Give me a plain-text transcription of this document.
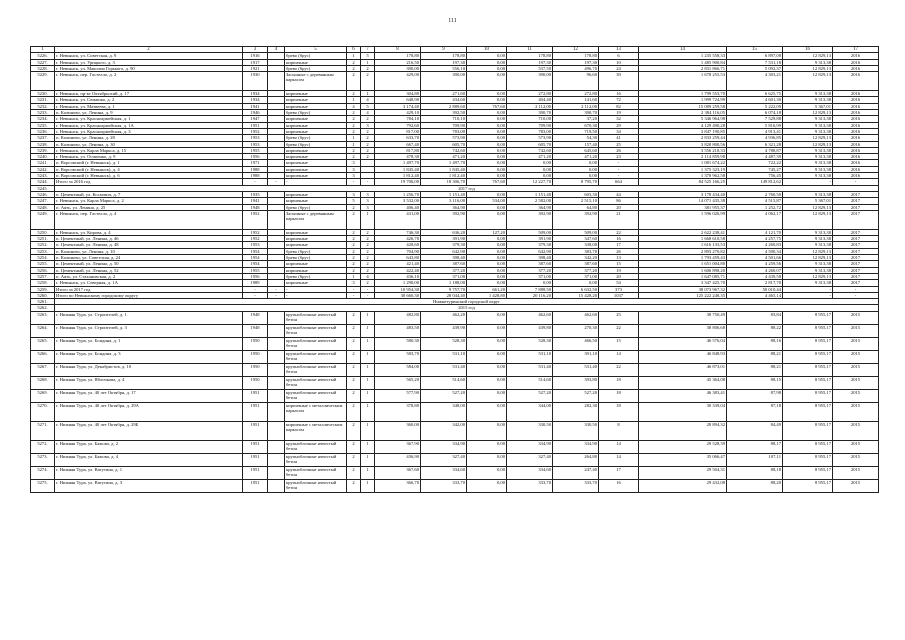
111
1	2	3	4	5	6	7	8	9	10	11	12	13	14	15	16	17
5226.	г. Невьянск, ул. Советская, д. 9	1916		брево (брус)	1	5	178,80	178,80	0,00	178,80	178,80	6	1 235 558,33	6 897,08	12 829,13	2016
5227.	г. Невьянск, ул. Урицкого, д. 3	1917		кирпичные	2	1	216,50	197,30	0,00	197,30	197,30	10	1 485 900,84	7 531,18	9 313,38	2016
5228.	г. Невьянск, ул. Максима Горького, д. 90	1921		брево (брус)	2	2	390,00	556,10	0,00	537,50	496,70	24	2 831 866,71	5 092,37	12 829,13	2016
5229.	г. Невьянск, пер. Гастелло, д. 2	1930		Засыпные с деревянным каркасом	2	2	429,00	390,00	0,00	390,00	96,60	39	1 678 255,53	4 303,21	12 829,13	2016
5230.	г. Невьянск, пр-кт Октябрьский, д. 17	1934		кирпичные	2	1	304,80	271,60	0,00	272,80	272,80	16	1 799 553,70	6 625,75	9 313,38	2016
5231.	г. Невьянск, ул. Семашко, д. 2	1934		кирпичные	1	4	648,90	434,60	0,00	404,40	141,60	72	1 999 724,99	4 601,30	9 313,38	2016
5232.	г. Невьянск, ул. Матвеева, д. 1	1941		кирпичные	4	5	3 174,40	2 889,60	767,60	2 112,00	2 112,00	82	15 089 259,58	5 222,09	5 367,01	2016
5233.	п. Калиново, ул. Ленина, д. 9	1946		брево (брус)	2	4	429,10	392,50	0,00	390,70	390,70	19	2 384 116,05	6 074,18	12 829,13	2016
5234.	г. Невьянск, ул. Красноармейская, д. 1	1947		кирпичные	2	2	784,10	710,10	0,00	710,00	37,20	32	5 346 964,98	7 529,88	9 313,38	2016
5235.	г. Невьянск, ул. Красноармейская, д. 1А	1951		кирпичные	2	3	792,60	709,90	0,00	709,90	670,30	29	4 129 490,28	5 816,99	9 313,38	2016
5236.	г. Невьянск, ул. Красноармейская, д. 3	1952		кирпичные	2	2	817,00	783,00	0,00	783,00	719,50	34	3 847 190,85	4 913,41	9 313,38	2016
5237.	п. Калиново, ул. Ленина, д. 28	1953		брево (брус)	1	2	633,70	573,90	0,00	573,90	54,30	41	2 833 259,44	4 936,85	12 829,13	2016
5238.	п. Калиново, ул. Ленина, д. 30	1953		брево (брус)	1	2	667,40	605,70	0,00	605,70	157,40	25	3 828 800,56	6 321,28	12 829,13	2016
5239.	г. Невьянск, ул. Карла Маркса, д. 15	1955		кирпичные	2	2	817,80	742,60	0,00	742,60	645,60	26	3 556 218,33	4 788,87	9 313,38	2016
5240.	г. Невьянск, ул. Осипенко, д. 9	1956		кирпичные	2	2	478,30	471,20	0,00	471,20	471,20	23	2 114 859,98	4 487,39	9 313,38	2016
5241.	п. Ворсовский (г. Невьянск), д. 1	1971		кирпичные	3		1 497,70	1 497,70	0,00	0,00	0,00	-	1 081 674,22	722,22	9 313,38	2016
5242.	п. Ворсовский (г. Невьянск), д. 4	1988		кирпичные	3		1 845,40	1 845,40	0,00	0,00	0,00	-	1 375 323,19	745,27	9 313,38	2016
5243.	п. Ворсовский (г. Невьянск), д. 6	1988		кирпичные	3		1 812,40	1 812,40	0,00	0,00	0,00	-	1 370 962,58	756,45	9 313,38	2016
5244.	Итого за 2016 год	-	-	-	-	-	19 706,00	18 306,70	767,60	12 227,70	8 795,70	664	84 525 166,25	149 812,62	-	-
5245.	2017 год															
5246.	п. Цементный, ул. Коскович, д. 7	1935		кирпичные	3	3	1 256,70	1 151,40	0,00	1 151,40	603,30	44	3 178 434,40	2 760,50	9 313,38	2017
5247.	г. Невьянск, ул. Карла Маркса, д. 2	1941		кирпичные	5	3	3 532,00	3 116,00	534,00	2 582,00	2 515,10	86	14 071 435,38	4 515,87	5 367,01	2017
5248.	п. Аять, ул. Ленина, д. 25	1948		брево (брус)	2	3	406,40	364,90	0,00	364,90	64,80	20	381 955,37	1 252,72	12 829,13	2017
5249.	г. Невьянск, пер. Гастелло, д. 4	1952		Засыпные с деревянным каркасом	2	1	431,00	392,90	0,00	392,90	392,90	21	1 596 026,99	4 062,17	12 829,13	2017
5250.	г. Невьянск, ул. Кирова, д. 4	1952		кирпичные	2	2	746,30	636,20	127,20	509,00	509,00	22	2 622 238,41	4 121,70	9 313,38	2017
5251.	п. Цементный, ул. Ленина, д. 46	1952		кирпичные	2	2	426,70	391,90	0,00	391,90	347,60	16	1 668 610,58	4 257,75	9 313,38	2017
5252.	п. Цементный, ул. Ленина, д. 48	1953		кирпичные	2	2	428,60	379,30	0,00	379,30	338,00	17	1 616 133,53	4 260,83	9 313,38	2017
5253.	п. Калиново, ул. Ленина, д. 10	1954		брево (брус)	2	2	704,90	642,90	0,00	642,90	383,70	26	2 893 270,82	4 500,34	12 829,13	2017
5254.	п. Калиново, ул. Советская, д. 24	1954		брево (брус)	2	2	643,80	398,40	0,00	398,40	342,20	13	1 793 459,43	4 501,66	12 829,13	2017
5255.	п. Цементный, ул. Ленина, д. 50	1954		кирпичные	2	2	421,40	387,60	0,00	387,60	387,60	15	1 651 004,80	4 259,56	9 313,38	2017
5256.	п. Цементный, ул. Ленина, д. 52	1955		кирпичные	2	2	422,40	377,20	0,00	377,20	377,20	19	1 606 898,20	4 260,07	9 313,38	2017
5257.	п. Аять, ул. Стахановская, д. 2	1956		брево (брус)	1	4	436,10	371,00	0,00	371,00	371,00	20	1 647 085,71	4 439,58	12 829,13	2017
5258.	г. Невьянск, ул. Северная, д. 1А	1989		кирпичные	3	2	1 290,00	1 188,00	0,00	0,00	0,00	54	3 347 425,70	2 817,70	9 313,38	2017
5259.	Итого за 2017 год	-	-	-	-	-	10 954,30	9 757,70	661,20	7 888,50	6 632,50	373	38 073 967,32	50 010,44	-	-
5260.	Итого по Невьянскому городскому округу	-	-	-	-	-	30 660,30	28 044,40	1 428,80	20 116,20	15 428,20	1037	125 222 248,35	4 465,14	-	-
5261.	Нижнетуринский городской округ															
5262.	2015 год															
5263.	г. Нижняя Тура, ул. Строителей, д. 1	1948		крупноблочные ячеистый бетон	2	1	482,80	462,20	0,00	462,60	462,60	25	38 750,49	83,84	8 955,17	2015
5264.	г. Нижняя Тура, ул. Строителей, д. 3	1948		крупноблочные ячеистый бетон	2	1	483,50	439,90	0,00	439,80	270,30	22	38 806,68	88,22	8 955,17	2015
5265.	г. Нижняя Тура, ул. Бондина, д. 1	1950		крупноблочные ячеистый бетон	2	1	580,30	528,30	0,00	528,30	466,50	15	46 576,04	88,16	8 955,17	2015
5266.	г. Нижняя Тура, ул. Бондина, д. 3	1950		крупноблочные ячеистый бетон	2	1	583,70	531,10	0,00	531,10	391,10	14	46 848,93	88,21	8 955,17	2015
5267.	г. Нижняя Тура, ул. Декабристов, д. 10	1950		крупноблочные ячеистый бетон	2	1	584,00	531,40	0,00	531,40	531,40	22	46 873,01	88,21	8 955,17	2015
5268.	г. Нижняя Тура, ул. Яблочкова, д. 4	1950		крупноблочные ячеистый бетон	2	1	565,20	514,60	0,00	514,60	393,80	18	45 364,08	88,15	8 955,17	2015
5269.	г. Нижняя Тура, ул. 40 лет Октября, д. 17	1951		крупноблочные ячеистый бетон	2	1	577,90	527,20	0,00	527,20	527,20	18	46 383,41	87,98	8 955,17	2015
5270.	г. Нижняя Тура, ул. 40 лет Октября, д. 29А	1951		кирпичные с металлическим каркасом	2	1	378,80	348,00	0,00	344,00	282,30	18	30 339,04	87,18	8 955,17	2015
5271.	г. Нижняя Тура, ул. 40 лет Октября, д. 29Б	1951		кирпичные с металлическим каркасом	2	1	360,00	342,00	0,00	330,50	330,50	8	28 894,32	84,49	8 955,17	2015
5272.	г. Нижняя Тура, ул. Бажова, д. 2	1951		крупноблочные ячеистый бетон	2	1	367,90	334,90	0,00	334,90	334,90	14	29 528,39	88,17	8 955,17	2015
5273.	г. Нижняя Тура, ул. Бажова, д. 4	1951		крупноблочные ячеистый бетон	2	1	436,90	327,40	0,00	327,40	264,80	14	35 066,47	107,11	8 955,17	2015
5274.	г. Нижняя Тура, ул. Ватутина, д. 1	1951		крупноблочные ячеистый бетон	2	1	367,60	334,60	0,00	334,60	247,40	17	29 504,31	88,18	8 955,17	2015
5275.	г. Нижняя Тура, ул. Ватутина, д. 3	1951		крупноблочные ячеистый бетон	2	1	366,70	333,70	0,00	333,70	333,70	16	29 432,08	88,20	8 955,17	2015
